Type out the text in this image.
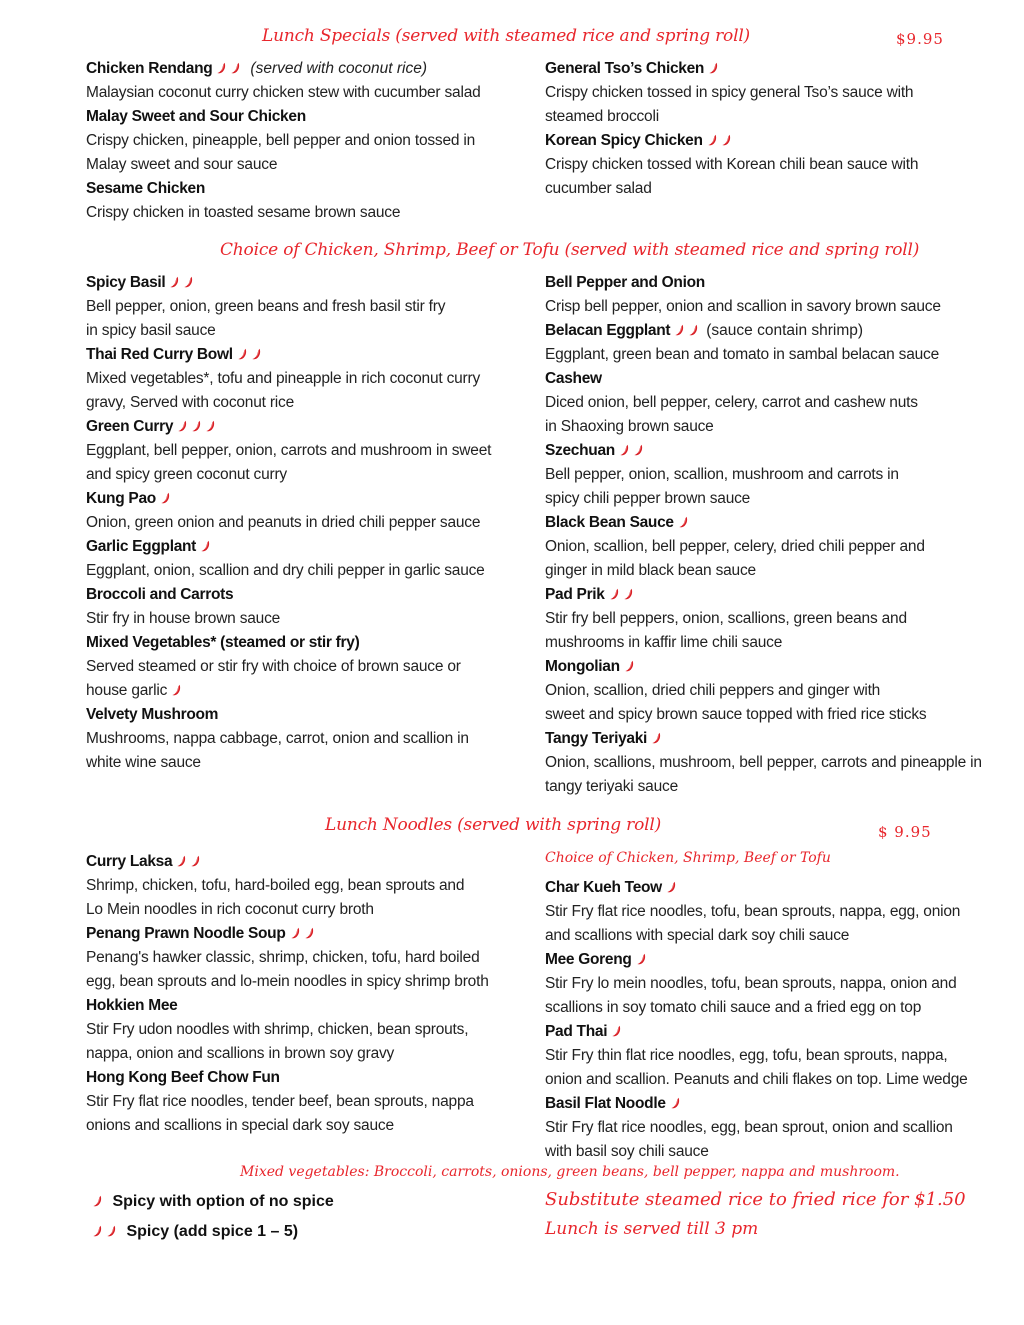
Lunch Specials (served with steamed rice and spring roll)	$9.95
Chicken Rendang (served with coconut rice)
Malaysian coconut curry chicken stew with cucumber salad
Malay Sweet and Sour Chicken
Crispy chicken, pineapple, bell pepper and onion tossed in
Malay sweet and sour sauce
Sesame Chicken
Crispy chicken in toasted sesame brown sauce
General Tso’s Chicken
Crispy chicken tossed in spicy general Tso’s sauce with
steamed broccoli
Korean Spicy Chicken
Crispy chicken tossed with Korean chili bean sauce with
cucumber salad
Choice of Chicken, Shrimp, Beef or Tofu (served with steamed rice and spring roll)
Spicy Basil
Bell pepper, onion, green beans and fresh basil stir fry
in spicy basil sauce
Thai Red Curry Bowl
Mixed vegetables*, tofu and pineapple in rich coconut curry
gravy, Served with coconut rice
Green Curry
Eggplant, bell pepper, onion, carrots and mushroom in sweet
and spicy green coconut curry
Kung Pao
Onion, green onion and peanuts in dried chili pepper sauce
Garlic Eggplant
Eggplant, onion, scallion and dry chili pepper in garlic sauce
Broccoli and Carrots
Stir fry in house brown sauce
Mixed Vegetables* (steamed or stir fry)
Served steamed or stir fry with choice of brown sauce or
house garlic
Velvety Mushroom
Mushrooms, nappa cabbage, carrot, onion and scallion in
white wine sauce
Bell Pepper and Onion
Crisp bell pepper, onion and scallion in savory brown sauce
Belacan Eggplant (sauce contain shrimp)
Eggplant, green bean and tomato in sambal belacan sauce
Cashew
Diced onion, bell pepper, celery, carrot and cashew nuts
in Shaoxing brown sauce
Szechuan
Bell pepper, onion, scallion, mushroom and carrots in
spicy chili pepper brown sauce
Black Bean Sauce
Onion, scallion, bell pepper, celery, dried chili pepper and
ginger in mild black bean sauce
Pad Prik
Stir fry bell peppers, onion, scallions, green beans and
mushrooms in kaffir lime chili sauce
Mongolian
Onion, scallion, dried chili peppers and ginger with
sweet and spicy brown sauce topped with fried rice sticks
Tangy Teriyaki
Onion, scallions, mushroom, bell pepper, carrots and pineapple in
tangy teriyaki sauce
Lunch Noodles (served with spring roll)	$ 9.95
Choice of Chicken, Shrimp, Beef or Tofu
Curry Laksa
Shrimp, chicken, tofu, hard-boiled egg, bean sprouts and
Lo Mein noodles in rich coconut curry broth
Penang Prawn Noodle Soup
Penang's hawker classic, shrimp, chicken, tofu, hard boiled
egg, bean sprouts and lo-mein noodles in spicy shrimp broth
Hokkien Mee
Stir Fry udon noodles with shrimp, chicken, bean sprouts,
nappa, onion and scallions in brown soy gravy
Hong Kong Beef Chow Fun
Stir Fry flat rice noodles, tender beef, bean sprouts, nappa
onions and scallions in special dark soy sauce
Char Kueh Teow
Stir Fry flat rice noodles, tofu, bean sprouts, nappa, egg, onion
and scallions with special dark soy chili sauce
Mee Goreng
Stir Fry lo mein noodles, tofu, bean sprouts, nappa, onion and
scallions in soy tomato chili sauce and a fried egg on top
Pad Thai
Stir Fry thin flat rice noodles, egg, tofu, bean sprouts, nappa,
onion and scallion. Peanuts and chili flakes on top. Lime wedge
Basil Flat Noodle
Stir Fry flat rice noodles, egg, bean sprout, onion and scallion
with basil soy chili sauce
Mixed vegetables: Broccoli, carrots, onions, green beans, bell pepper, nappa and mushroom.
Spicy with option of no spice
Spicy (add spice 1 – 5)
Substitute steamed rice to fried rice for $1.50
Lunch is served till 3 pm
